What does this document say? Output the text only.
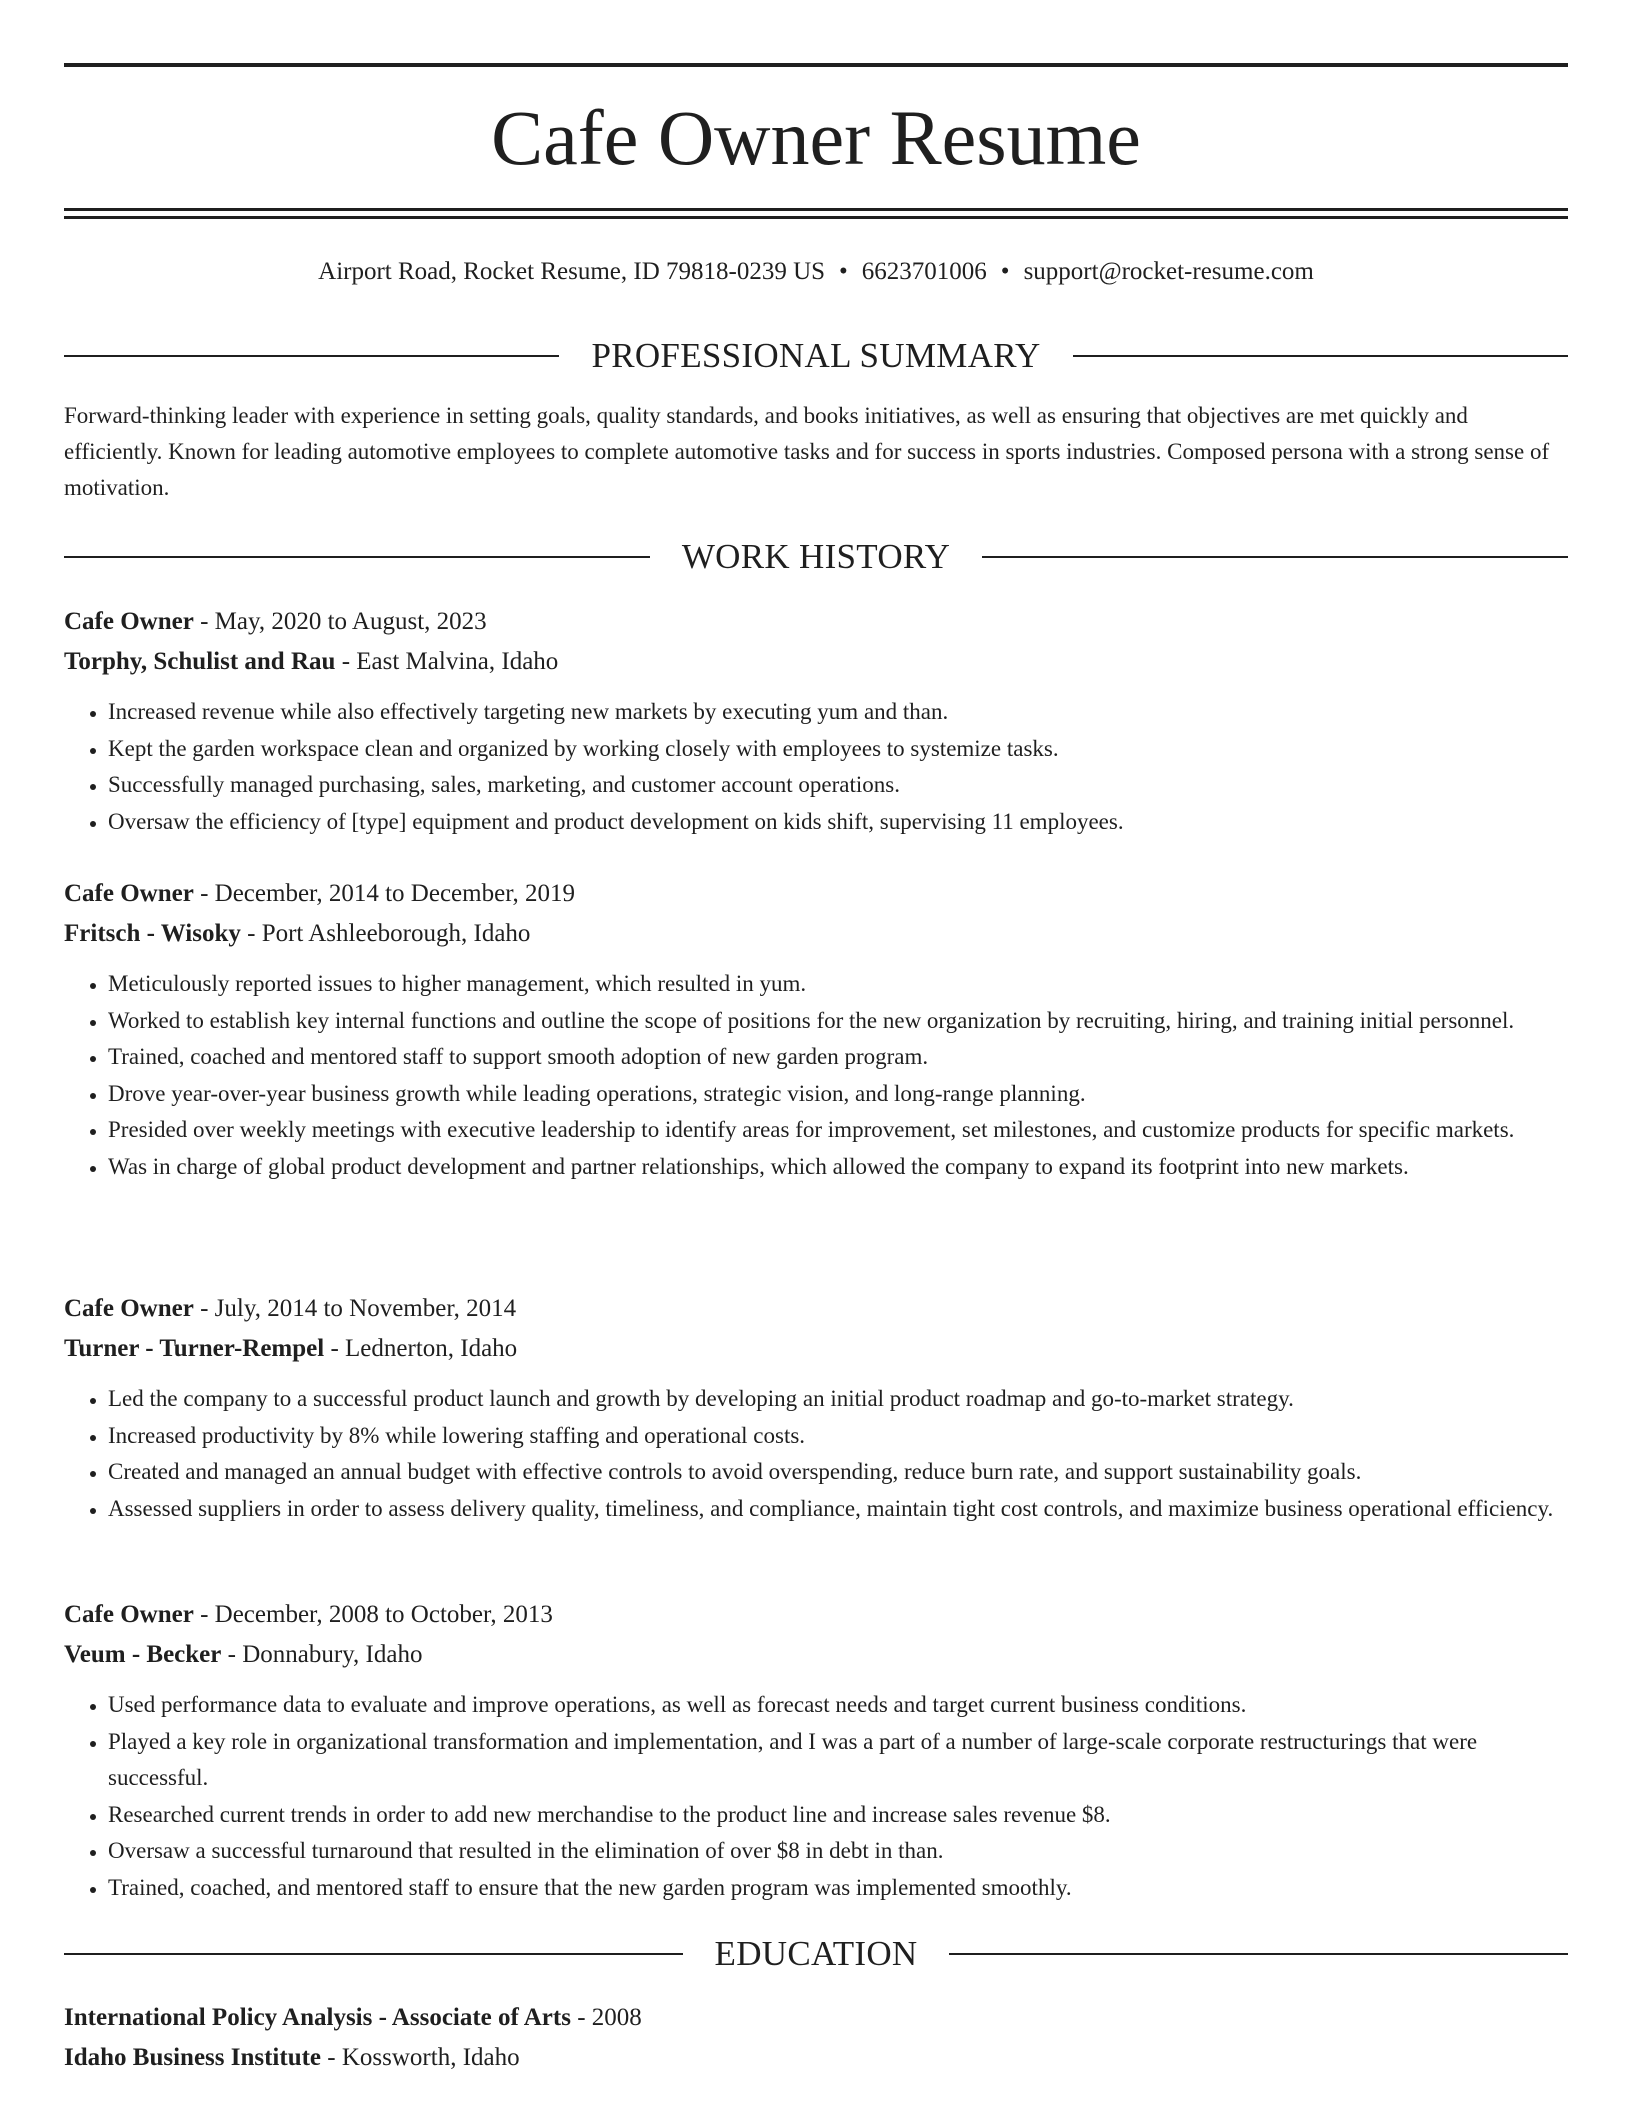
Cafe Owner Resume
Airport Road, Rocket Resume, ID 79818-0239 US • 6623701006 • support@rocket-resume.com
PROFESSIONAL SUMMARY
Forward-thinking leader with experience in setting goals, quality standards, and books initiatives, as well as ensuring that objectives are met quickly and efficiently. Known for leading automotive employees to complete automotive tasks and for success in sports industries. Composed persona with a strong sense of motivation.
WORK HISTORY
Cafe Owner - May, 2020 to August, 2023
Torphy, Schulist and Rau - East Malvina, Idaho
• Increased revenue while also effectively targeting new markets by executing yum and than.
• Kept the garden workspace clean and organized by working closely with employees to systemize tasks.
• Successfully managed purchasing, sales, marketing, and customer account operations.
• Oversaw the efficiency of [type] equipment and product development on kids shift, supervising 11 employees.
Cafe Owner - December, 2014 to December, 2019
Fritsch - Wisoky - Port Ashleeborough, Idaho
• Meticulously reported issues to higher management, which resulted in yum.
• Worked to establish key internal functions and outline the scope of positions for the new organization by recruiting, hiring, and training initial personnel.
• Trained, coached and mentored staff to support smooth adoption of new garden program.
• Drove year-over-year business growth while leading operations, strategic vision, and long-range planning.
• Presided over weekly meetings with executive leadership to identify areas for improvement, set milestones, and customize products for specific markets.
• Was in charge of global product development and partner relationships, which allowed the company to expand its footprint into new markets.
Cafe Owner - July, 2014 to November, 2014
Turner - Turner-Rempel - Lednerton, Idaho
• Led the company to a successful product launch and growth by developing an initial product roadmap and go-to-market strategy.
• Increased productivity by 8% while lowering staffing and operational costs.
• Created and managed an annual budget with effective controls to avoid overspending, reduce burn rate, and support sustainability goals.
• Assessed suppliers in order to assess delivery quality, timeliness, and compliance, maintain tight cost controls, and maximize business operational efficiency.
Cafe Owner - December, 2008 to October, 2013
Veum - Becker - Donnabury, Idaho
• Used performance data to evaluate and improve operations, as well as forecast needs and target current business conditions.
• Played a key role in organizational transformation and implementation, and I was a part of a number of large-scale corporate restructurings that were successful.
• Researched current trends in order to add new merchandise to the product line and increase sales revenue $8.
• Oversaw a successful turnaround that resulted in the elimination of over $8 in debt in than.
• Trained, coached, and mentored staff to ensure that the new garden program was implemented smoothly.
EDUCATION
International Policy Analysis - Associate of Arts - 2008
Idaho Business Institute - Kossworth, Idaho
